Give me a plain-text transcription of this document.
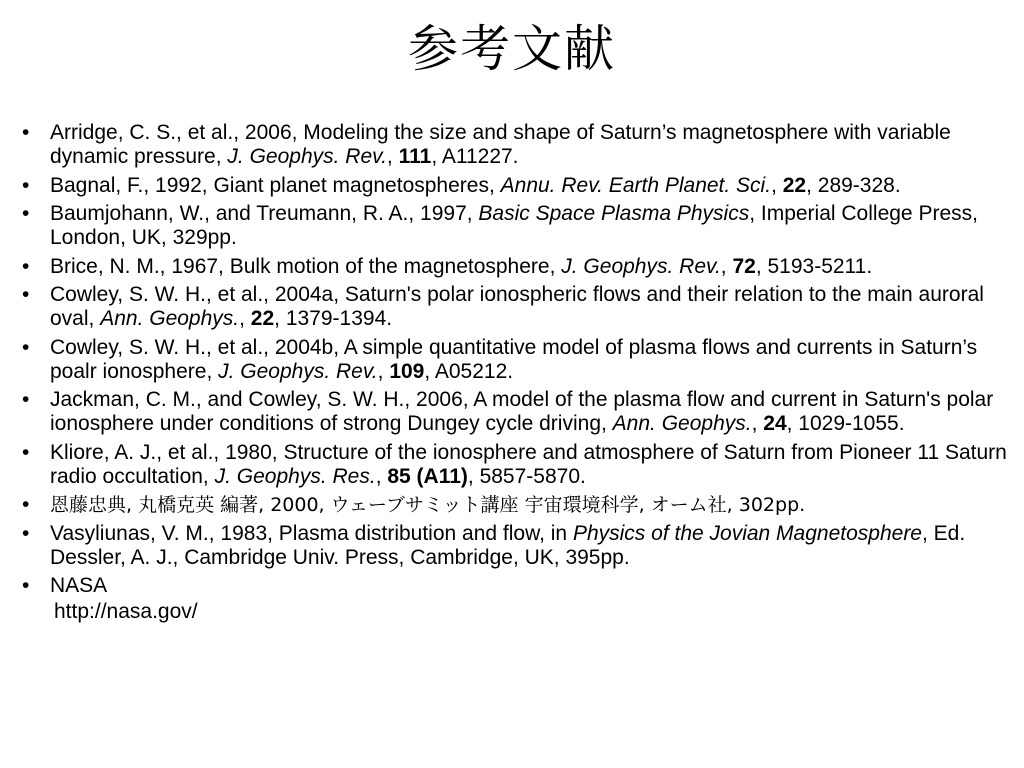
参考文献
• Arridge, C. S., et al., 2006, Modeling the size and shape of Saturn’s magnetosphere with variable dynamic pressure, J. Geophys. Rev., 111, A11227.
• Bagnal, F., 1992, Giant planet magnetospheres, Annu. Rev. Earth Planet. Sci., 22, 289-328.
• Baumjohann, W., and Treumann, R. A., 1997, Basic Space Plasma Physics, Imperial College Press, London, UK, 329pp.
• Brice, N. M., 1967, Bulk motion of the magnetosphere, J. Geophys. Rev., 72, 5193-5211.
• Cowley, S. W. H., et al., 2004a, Saturn's polar ionospheric flows and their relation to the main auroral oval, Ann. Geophys., 22, 1379-1394.
• Cowley, S. W. H., et al., 2004b, A simple quantitative model of plasma flows and currents in Saturn’s poalr ionosphere, J. Geophys. Rev., 109, A05212.
• Jackman, C. M., and Cowley, S. W. H., 2006, A model of the plasma flow and current in Saturn's polar ionosphere under conditions of strong Dungey cycle driving, Ann. Geophys., 24, 1029-1055.
• Kliore, A. J., et al., 1980, Structure of the ionosphere and atmosphere of Saturn from Pioneer 11 Saturn radio occultation, J. Geophys. Res., 85 (A11), 5857-5870.
•	恩藤忠典, 丸橋克英 編著, 2000, ウェーブサミット講座 宇宙環境科学, オーム社, 302pp.
• Vasyliunas, V. M., 1983, Plasma distribution and flow, in Physics of the Jovian Magnetosphere, Ed. Dessler, A. J., Cambridge Univ. Press, Cambridge, UK, 395pp.
• NASA
http://nasa.gov/
